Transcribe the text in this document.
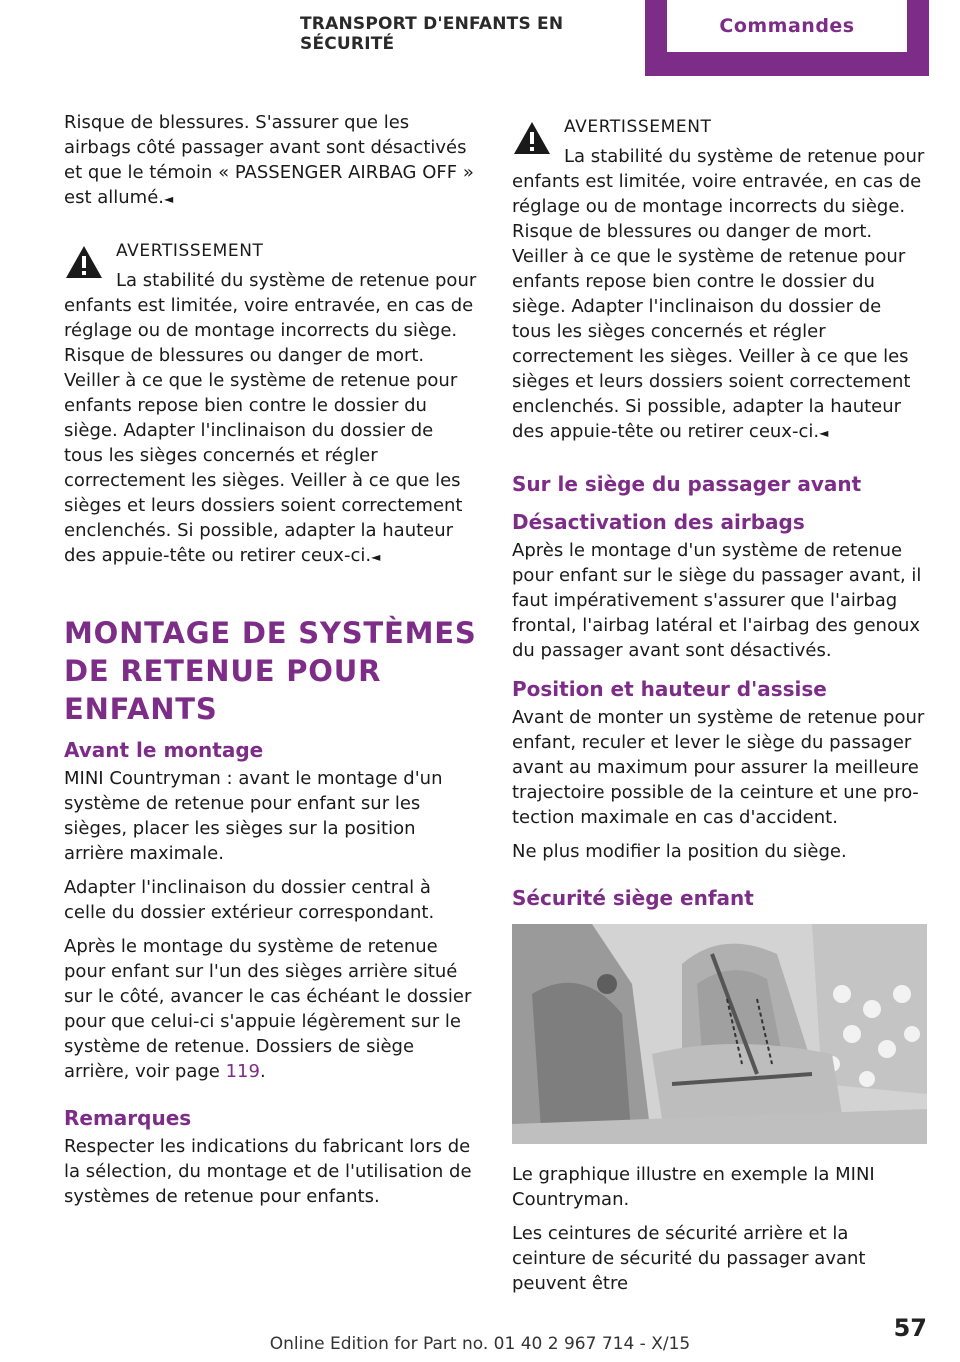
TRANSPORT D'ENFANTS EN SÉCURITÉ
Commandes

Risque de blessures. S'assurer que les airbags côté passager avant sont désactivés et que le témoin « PASSENGER AIRBAG OFF » est allumé.◄

AVERTISSEMENT
La stabilité du système de retenue pour

enfants est limitée, voire entravée, en cas de réglage ou de montage incorrects du siège. Risque de blessures ou danger de mort. Veiller à ce que le système de retenue pour enfants repose bien contre le dossier du siège. Adapter l'inclinaison du dossier de tous les sièges concernés et régler correctement les sièges. Veiller à ce que les sièges et leurs dossiers soient correctement enclenchés. Si possible, adapter la hauteur des appuie-tête ou retirer ceux-ci.◄

MONTAGE DE SYSTÈMES DE RETENUE POUR ENFANTS
Avant le montage

MINI Countryman : avant le montage d'un système de retenue pour enfant sur les sièges, placer les sièges sur la position arrière maximale.

Adapter l'inclinaison du dossier central à celle du dossier extérieur correspondant.

Après le montage du système de retenue pour enfant sur l'un des sièges arrière situé sur le côté, avancer le cas échéant le dossier pour que celui-ci s'appuie légèrement sur le système de retenue. Dossiers de siège arrière, voir page 119.

Remarques

Respecter les indications du fabricant lors de la sélection, du montage et de l'utilisation de systèmes de retenue pour enfants.

AVERTISSEMENT
La stabilité du système de retenue pour

enfants est limitée, voire entravée, en cas de réglage ou de montage incorrects du siège. Risque de blessures ou danger de mort. Veiller à ce que le système de retenue pour enfants repose bien contre le dossier du siège. Adapter l'inclinaison du dossier de tous les sièges concernés et régler correctement les sièges. Veiller à ce que les sièges et leurs dossiers soient correctement enclenchés. Si possible, adapter la hauteur des appuie-tête ou retirer ceux-ci.◄

Sur le siège du passager avant
Désactivation des airbags

Après le montage d'un système de retenue pour enfant sur le siège du passager avant, il faut impérativement s'assurer que l'airbag frontal, l'airbag latéral et l'airbag des genoux du passager avant sont désactivés.

Position et hauteur d'assise

Avant de monter un système de retenue pour enfant, reculer et lever le siège du passager avant au maximum pour assurer la meilleure trajectoire possible de la ceinture et une protection maximale en cas d'accident.

Ne plus modifier la position du siège.

Sécurité siège enfant

Le graphique illustre en exemple la MINI Countryman.

Les ceintures de sécurité arrière et la ceinture de sécurité du passager avant peuvent être

57
Online Edition for Part no. 01 40 2 967 714 - X/15
